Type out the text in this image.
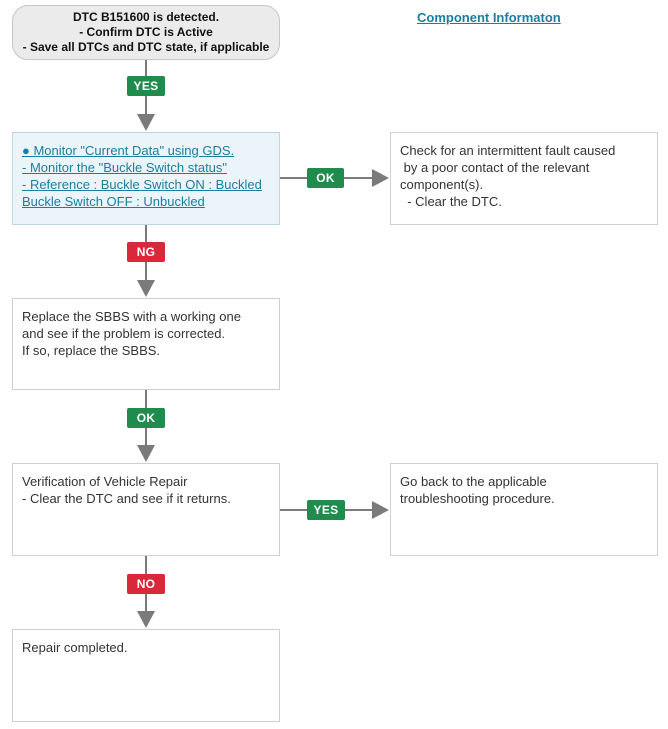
DTC B151600 is detected.
- Confirm DTC is Active
- Save all DTCs and DTC state, if applicable
Component Informaton
YES
● Monitor "Current Data" using GDS.
- Monitor the "Buckle Switch status"
- Reference : Buckle Switch ON : Buckled
Buckle Switch OFF : Unbuckled
OK
Check for an intermittent fault caused
by a poor contact of the relevant
component(s).
- Clear the DTC.
NG
Replace the SBBS with a working one
and see if the problem is corrected.
If so, replace the SBBS.
OK
Verification of Vehicle Repair
- Clear the DTC and see if it returns.
YES
Go back to the applicable
troubleshooting procedure.
NO
Repair completed.
